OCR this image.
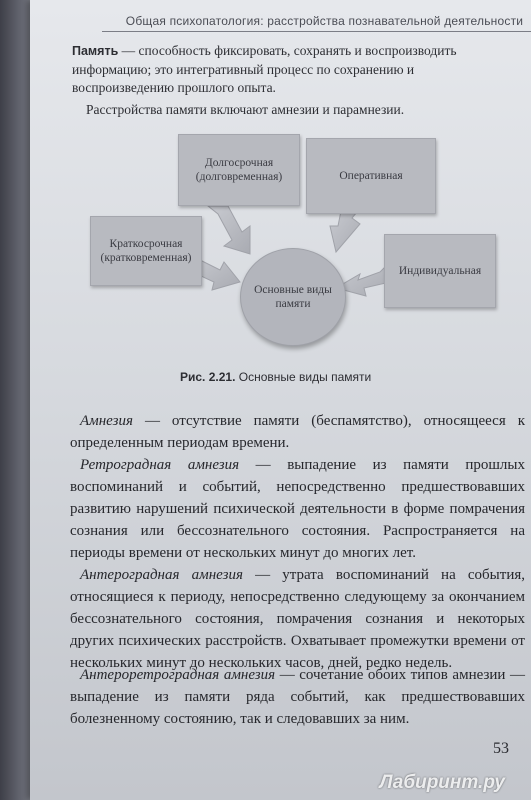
Общая психопатология: расстройства познавательной деятельности
Память — способность фиксировать, сохранять и воспроизводить информацию; это интегративный процесс по сохранению и воспроизведению прошлого опыта.
Расстройства памяти включают амнезии и парамнезии.
Долгосрочная (долговременная)	Оперативная
Краткосрочная (кратковременная)
Индивидуальная
Основные виды памяти
Рис. 2.21. Основные виды памяти
Амнезия — отсутствие памяти (беспамятство), относящееся к определенным периодам времени.
Ретроградная амнезия — выпадение из памяти прошлых воспоминаний и событий, непосредственно предшествовавших развитию нарушений психической деятельности в форме помрачения сознания или бессознательного состояния. Распространяется на периоды времени от нескольких минут до многих лет.
Антероградная амнезия — утрата воспоминаний на события, относящиеся к периоду, непосредственно следующему за окончанием бессознательного состояния, помрачения сознания и некоторых других психических расстройств. Охватывает промежутки времени от нескольких минут до нескольких часов, дней, редко недель.
Антероретроградная амнезия — сочетание обоих типов амнезии — выпадение из памяти ряда событий, как предшествовавших болезненному состоянию, так и следовавших за ним.
53
Лабиринт.ру
